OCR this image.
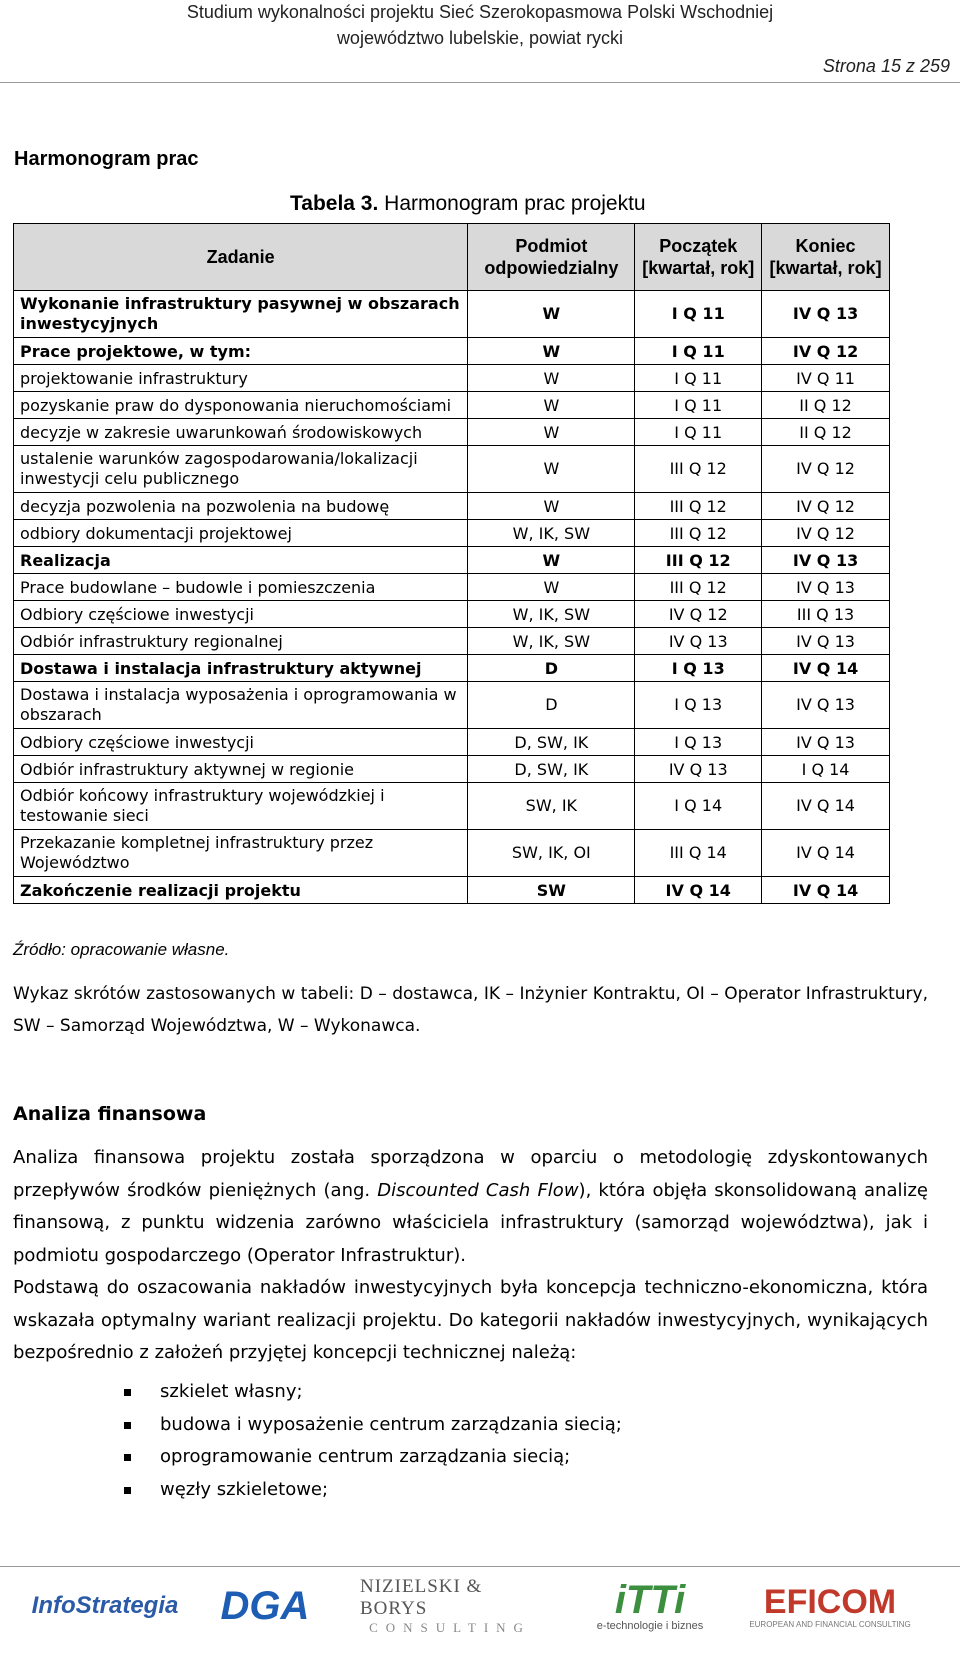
Studium wykonalności projektu Sieć Szerokopasmowa Polski Wschodniej
województwo lubelskie, powiat rycki
Strona 15 z 259
Harmonogram prac
Tabela 3. Harmonogram prac projektu
Zadanie	Podmiot odpowiedzialny	Początek [kwartał, rok]	Koniec [kwartał, rok]
Wykonanie infrastruktury pasywnej w obszarach inwestycyjnych	W	I Q 11	IV Q 13
Prace projektowe, w tym:	W	I Q 11	IV Q 12
projektowanie infrastruktury	W	I Q 11	IV Q 11
pozyskanie praw do dysponowania nieruchomościami	W	I Q 11	II Q 12
decyzje w zakresie uwarunkowań środowiskowych	W	I Q 11	II Q 12
ustalenie warunków zagospodarowania/lokalizacji inwestycji celu publicznego	W	III Q 12	IV Q 12
decyzja pozwolenia na pozwolenia na budowę	W	III Q 12	IV Q 12
odbiory dokumentacji projektowej	W, IK, SW	III Q 12	IV Q 12
Realizacja	W	III Q 12	IV Q 13
Prace budowlane – budowle i pomieszczenia	W	III Q 12	IV Q 13
Odbiory częściowe inwestycji	W, IK, SW	IV Q 12	III Q 13
Odbiór infrastruktury regionalnej	W, IK, SW	IV Q 13	IV Q 13
Dostawa i instalacja infrastruktury aktywnej	D	I Q 13	IV Q 14
Dostawa i instalacja wyposażenia i oprogramowania w obszarach	D	I Q 13	IV Q 13
Odbiory częściowe inwestycji	D, SW, IK	I Q 13	IV Q 13
Odbiór infrastruktury aktywnej w regionie	D, SW, IK	IV Q 13	I Q 14
Odbiór końcowy infrastruktury wojewódzkiej i testowanie sieci	SW, IK	I Q 14	IV Q 14
Przekazanie kompletnej infrastruktury przez Województwo	SW, IK, OI	III Q 14	IV Q 14
Zakończenie realizacji projektu	SW	IV Q 14	IV Q 14
Źródło: opracowanie własne.
Wykaz skrótów zastosowanych w tabeli: D – dostawca, IK – Inżynier Kontraktu, OI – Operator Infrastruktury, SW – Samorząd Województwa, W – Wykonawca.
Analiza finansowa

Analiza finansowa projektu została sporządzona w oparciu o metodologię zdyskontowanych przepływów środków pieniężnych (ang. Discounted Cash Flow), która objęła skonsolidowaną analizę finansową, z punktu widzenia zarówno właściciela infrastruktury (samorząd województwa), jak i podmiotu gospodarczego (Operator Infrastruktur).

Podstawą do oszacowania nakładów inwestycyjnych była koncepcja techniczno-ekonomiczna, która wskazała optymalny wariant realizacji projektu. Do kategorii nakładów inwestycyjnych, wynikających bezpośrednio z założeń przyjętej koncepcji technicznej należą:

szkielet własny;
budowa i wyposażenie centrum zarządzania siecią;
oprogramowanie centrum zarządzania siecią;
węzły szkieletowe;
InfoStrategia DGA	NIZIELSKI & BORYS
CONSULTING
iTTi
e-technologie i biznes
EFICOM
EUROPEAN AND FINANCIAL CONSULTING
